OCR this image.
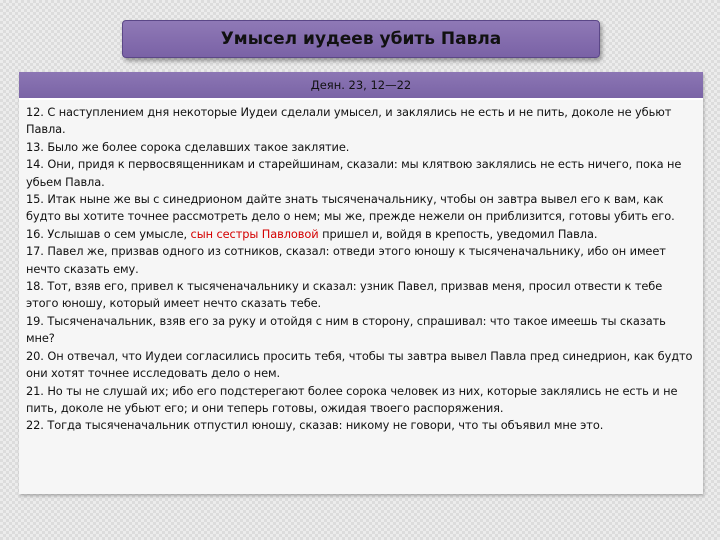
Умысел иудеев убить Павла
Деян. 23, 12—22

12. С наступлением дня некоторые Иудеи сделали умысел, и заклялись не есть и не пить, доколе не убьют Павла.

13. Было же более сорока сделавших такое заклятие.

14. Они, придя к первосвященникам и старейшинам, сказали: мы клятвою заклялись не есть ничего, пока не убьем Павла.

15. Итак ныне же вы с синедрионом дайте знать тысяченачальнику, чтобы он завтра вывел его к вам, как будто вы хотите точнее рассмотреть дело о нем; мы же, прежде нежели он приблизится, готовы убить его.

16. Услышав о сем умысле, сын сестры Павловой пришел и, войдя в крепость, уведомил Павла.

17. Павел же, призвав одного из сотников, сказал: отведи этого юношу к тысяченачальнику, ибо он имеет нечто сказать ему.

18. Тот, взяв его, привел к тысяченачальнику и сказал: узник Павел, призвав меня, просил отвести к тебе этого юношу, который имеет нечто сказать тебе.

19. Тысяченачальник, взяв его за руку и отойдя с ним в сторону, спрашивал: что такое имеешь ты сказать мне?

20. Он отвечал, что Иудеи согласились просить тебя, чтобы ты завтра вывел Павла пред синедрион, как будто они хотят точнее исследовать дело о нем.

21. Но ты не слушай их; ибо его подстерегают более сорока человек из них, которые заклялись не есть и не пить, доколе не убьют его; и они теперь готовы, ожидая твоего распоряжения.

22. Тогда тысяченачальник отпустил юношу, сказав: никому не говори, что ты объявил мне это.
